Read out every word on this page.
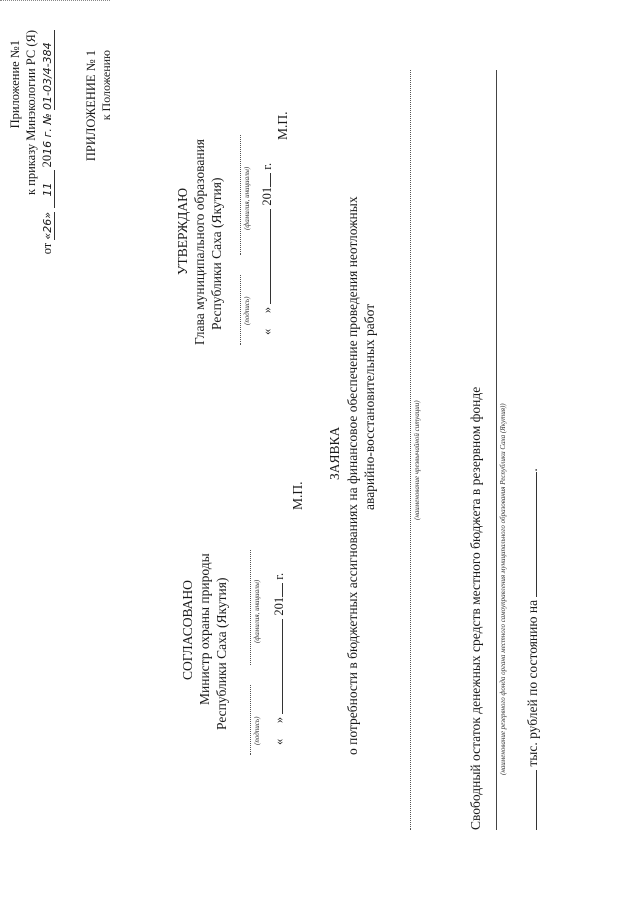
Приложение №1 к приказу Минэкологии РС (Я)
от «26» 11 2016 г. № 01-03/4-384 ПРИЛОЖЕНИЕ № 1 к Положению
УТВЕРЖДАЮ Глава муниципального образования Республики Саха (Якутия)	(подпись)
(фамилия, инициалы)
«     »  201 г.
М.П.
СОГЛАСОВАНО Министр охраны природы Республики Саха (Якутия)
(подпись)
(фамилия, инициалы)
«     »  201 г.
М.П.
ЗАЯВКА о потребности в бюджетных ассигнованиях на финансовое обеспечение проведения неотложных аварийно-восстановительных работ	(наименование чрезвычайной ситуации)	Свободный остаток денежных средств местного бюджета в резервном фонде (наименование резервного фонда органа местного самоуправления муниципального образования Республики Саха (Якутия)) тыс. рублей по состоянию на .
